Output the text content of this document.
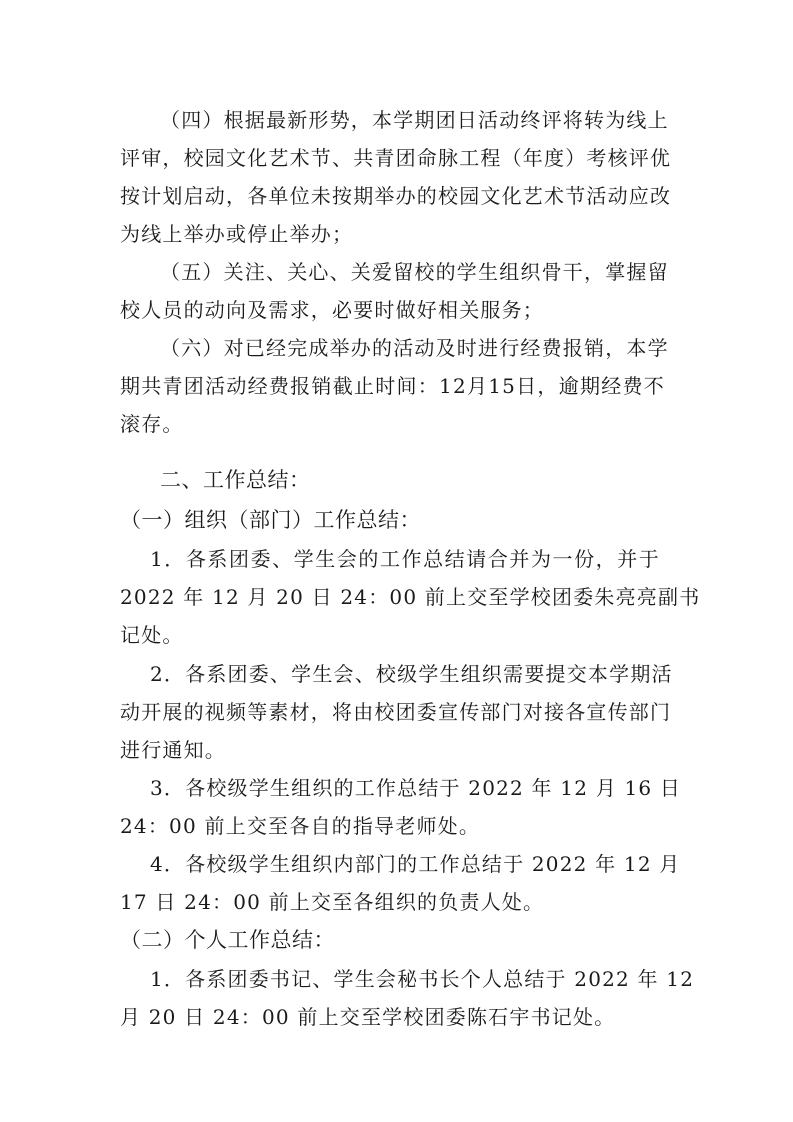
（四）根据最新形势，本学期团日活动终评将转为线上
评审，校园文化艺术节、共青团命脉工程（年度）考核评优
按计划启动，各单位未按期举办的校园文化艺术节活动应改
为线上举办或停止举办；
（五）关注、关心、关爱留校的学生组织骨干，掌握留
校人员的动向及需求，必要时做好相关服务；
（六）对已经完成举办的活动及时进行经费报销，本学
期共青团活动经费报销截止时间：12月15日，逾期经费不
滚存。
二、工作总结：
（一）组织（部门）工作总结：
1．各系团委、学生会的工作总结请合并为一份，并于
2022 年 12 月 20 日 24：00 前上交至学校团委朱亮亮副书
记处。
2．各系团委、学生会、校级学生组织需要提交本学期活
动开展的视频等素材，将由校团委宣传部门对接各宣传部门
进行通知。
3．各校级学生组织的工作总结于 2022 年 12 月 16 日
24：00 前上交至各自的指导老师处。
4．各校级学生组织内部门的工作总结于 2022 年 12 月
17 日 24：00 前上交至各组织的负责人处。
（二）个人工作总结：
1．各系团委书记、学生会秘书长个人总结于 2022 年 12
月 20 日 24：00 前上交至学校团委陈石宇书记处。
